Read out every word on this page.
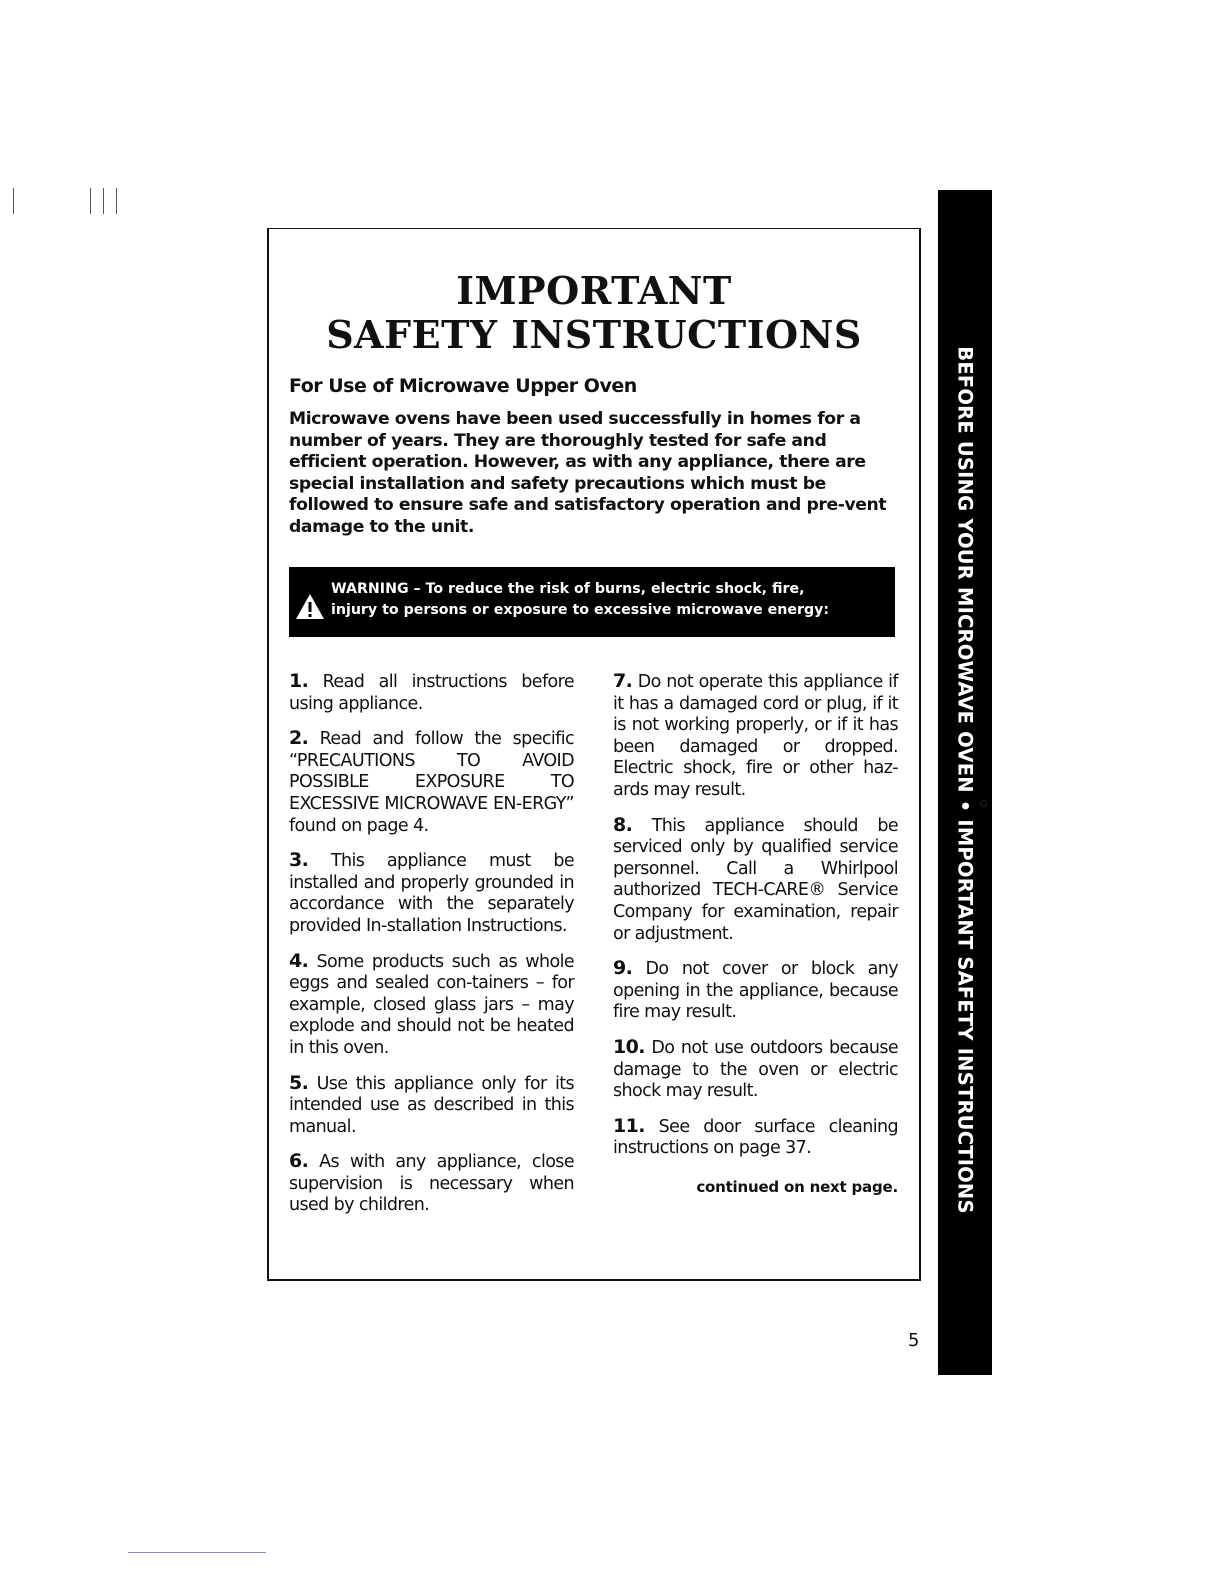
IMPORTANT
SAFETY INSTRUCTIONS
For Use of Microwave Upper Oven

Microwave ovens have been used successfully in homes for a number of years. They are thoroughly tested for safe and efficient operation. However, as with any appliance, there are special installation and safety precautions which must be followed to ensure safe and satisfactory operation and pre-vent damage to the unit.

WARNING – To reduce the risk of burns, electric shock, fire,
injury to persons or exposure to excessive microwave energy:

1. Read all instructions before using appliance.

2. Read and follow the specific “PRECAUTIONS TO AVOID POSSIBLE EXPOSURE TO EXCESSIVE MICROWAVE EN-ERGY” found on page 4.

3. This appliance must be installed and properly grounded in accordance with the separately provided In-stallation Instructions.

4. Some products such as whole eggs and sealed con-tainers – for example, closed glass jars – may explode and should not be heated in this oven.

5. Use this appliance only for its intended use as described in this manual.

6. As with any appliance, close supervision is necessary when used by children.

7. Do not operate this appliance if it has a damaged cord or plug, if it is not working properly, or if it has been damaged or dropped. Electric shock, fire or other haz-ards may result.

8. This appliance should be serviced only by qualified service personnel. Call a Whirlpool authorized TECH-CARE® Service Company for examination, repair or adjustment.

9. Do not cover or block any opening in the appliance, because fire may result.

10. Do not use outdoors because damage to the oven or electric shock may result.

11. See door surface cleaning instructions on page 37.

continued on next page.	BEFORE USING YOUR MICROWAVE OVEN • IMPORTANT SAFETY INSTRUCTIONS

5
